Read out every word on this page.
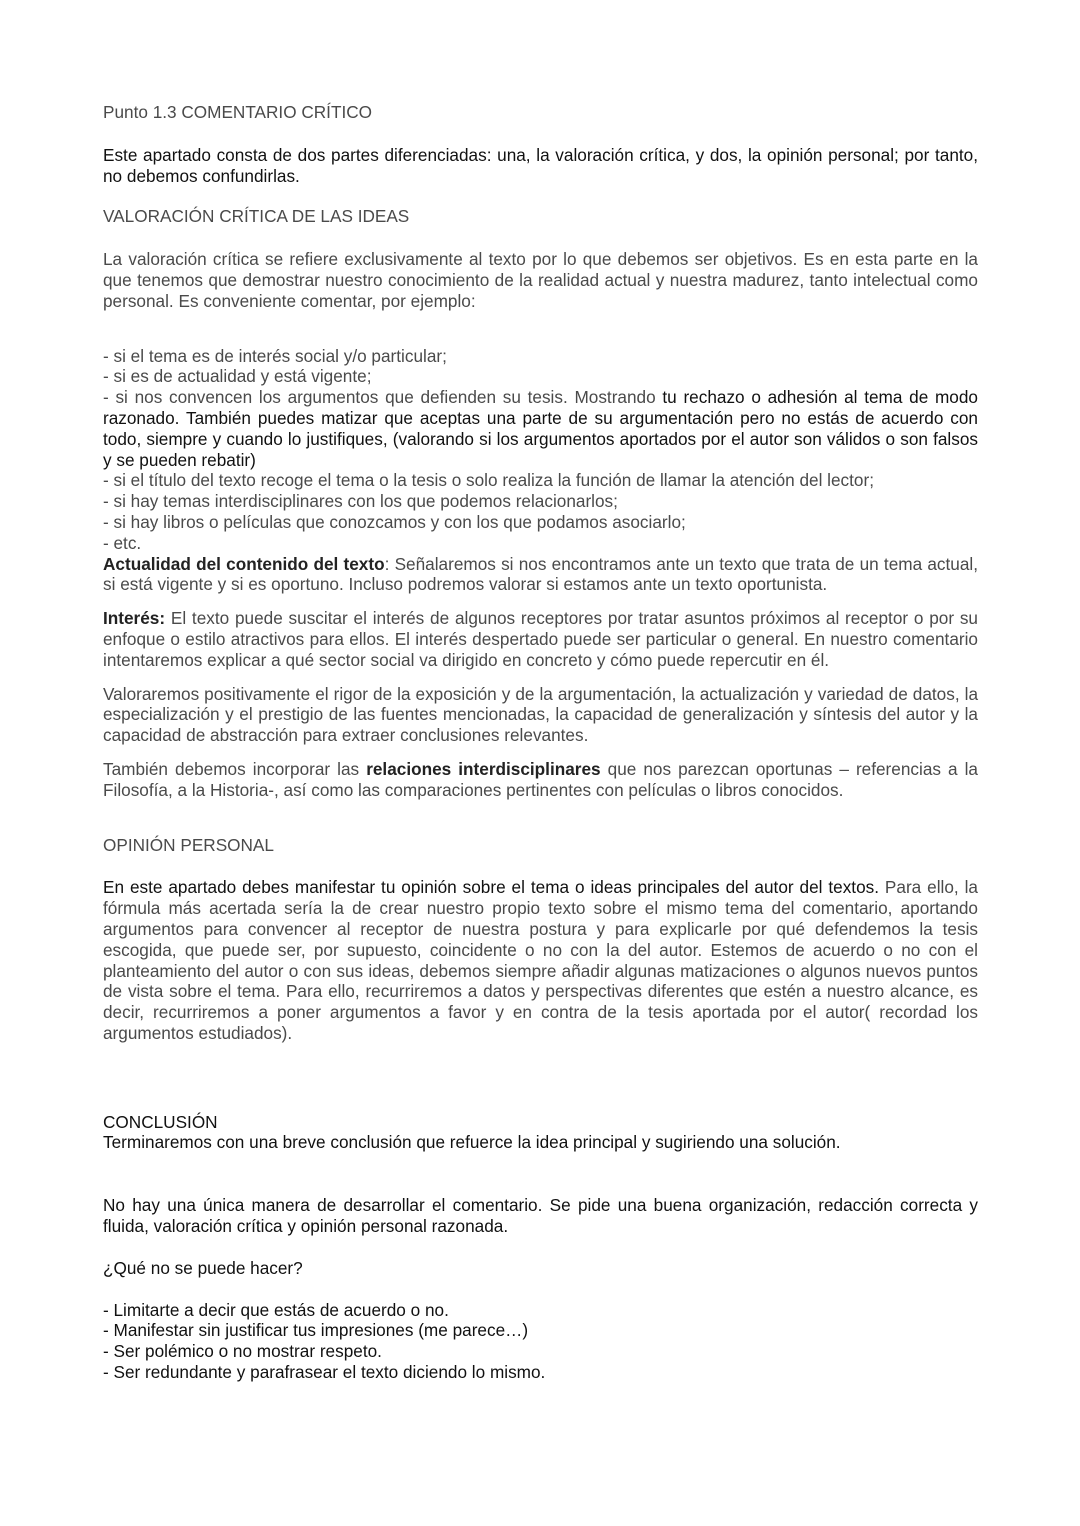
Punto 1.3 COMENTARIO CRÍTICO

Este apartado consta de dos partes diferenciadas: una, la valoración crítica, y dos, la opinión personal; por tanto, no debemos confundirlas.

VALORACIÓN CRÍTICA DE LAS IDEAS

La valoración crítica se refiere exclusivamente al texto por lo que debemos ser objetivos. Es en esta parte en la que tenemos que demostrar nuestro conocimiento de la realidad actual y nuestra madurez, tanto intelectual como personal. Es conveniente comentar, por ejemplo:

- si el tema es de interés social y/o particular;

- si es de actualidad y está vigente;

- si nos convencen los argumentos que defienden su tesis. Mostrando tu rechazo o adhesión al tema de modo razonado. También puedes matizar que aceptas una parte de su argumentación pero no estás de acuerdo con todo, siempre y cuando lo justifiques, (valorando si los argumentos aportados por el autor son válidos o son falsos y se pueden rebatir)

- si el título del texto recoge el tema o la tesis o solo realiza la función de llamar la atención del lector;

- si hay temas interdisciplinares con los que podemos relacionarlos;

- si hay libros o películas que conozcamos y con los que podamos asociarlo;

- etc.

Actualidad del contenido del texto: Señalaremos si nos encontramos ante un texto que trata de un tema actual, si está vigente y si es oportuno. Incluso podremos valorar si estamos ante un texto oportunista.

Interés: El texto puede suscitar el interés de algunos receptores por tratar asuntos próximos al receptor o por su enfoque o estilo atractivos para ellos. El interés despertado puede ser particular o general. En nuestro comentario intentaremos explicar a qué sector social va dirigido en concreto y cómo puede repercutir en él.

Valoraremos positivamente el rigor de la exposición y de la argumentación, la actualización y variedad de datos, la especialización y el prestigio de las fuentes mencionadas, la capacidad de generalización y síntesis del autor y la capacidad de abstracción para extraer conclusiones relevantes.

También debemos incorporar las relaciones interdisciplinares que nos parezcan oportunas – referencias a la Filosofía, a la Historia-, así como las comparaciones pertinentes con películas o libros conocidos.

OPINIÓN PERSONAL

En este apartado debes manifestar tu opinión sobre el tema o ideas principales del autor del textos. Para ello, la fórmula más acertada sería la de crear nuestro propio texto sobre el mismo tema del comentario, aportando argumentos para convencer al receptor de nuestra postura y para explicarle por qué defendemos la tesis escogida, que puede ser, por supuesto, coincidente o no con la del autor. Estemos de acuerdo o no con el planteamiento del autor o con sus ideas, debemos siempre añadir algunas matizaciones o algunos nuevos puntos de vista sobre el tema. Para ello, recurriremos a datos y perspectivas diferentes que estén a nuestro alcance, es decir, recurriremos a poner argumentos a favor y en contra de la tesis aportada por el autor( recordad los argumentos estudiados).

CONCLUSIÓN

Terminaremos con una breve conclusión que refuerce la idea principal y sugiriendo una solución.

No hay una única manera de desarrollar el comentario. Se pide una buena organización, redacción correcta y fluida, valoración crítica y opinión personal razonada.

¿Qué no se puede hacer?

- Limitarte a decir que estás de acuerdo o no.

- Manifestar sin justificar tus impresiones (me parece…)

- Ser polémico o no mostrar respeto.

- Ser redundante y parafrasear el texto diciendo lo mismo.
